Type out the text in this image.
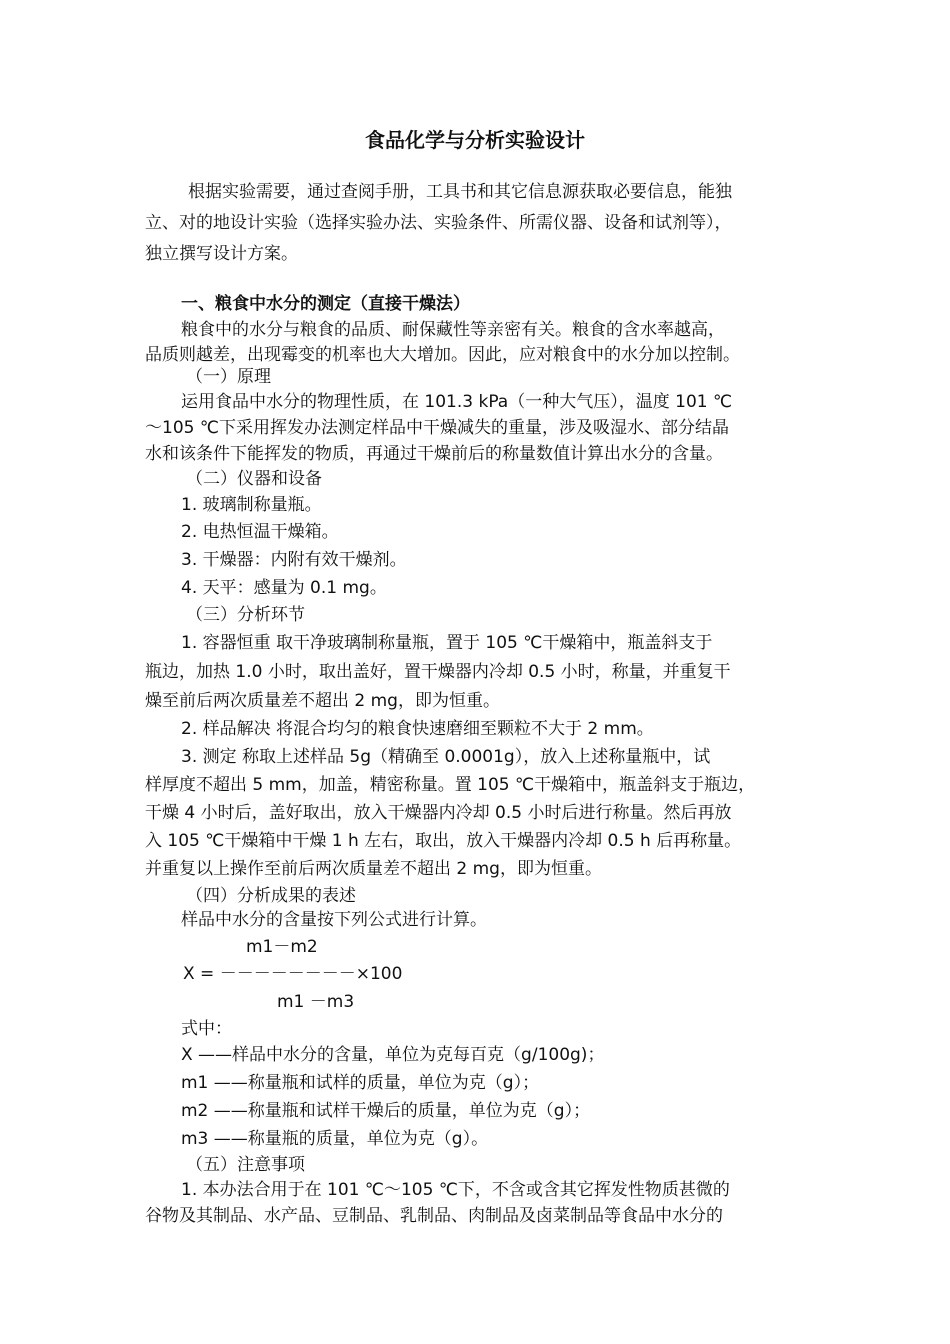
食品化学与分析实验设计
根据实验需要，通过查阅手册，工具书和其它信息源获取必要信息，能独
立、对的地设计实验（选择实验办法、实验条件、所需仪器、设备和试剂等），
独立撰写设计方案。
一、粮食中水分的测定（直接干燥法）
粮食中的水分与粮食的品质、耐保藏性等亲密有关。粮食的含水率越高，
品质则越差，出现霉变的机率也大大增加。因此，应对粮食中的水分加以控制。
（一）原理
运用食品中水分的物理性质，在 101.3 kPa（一种大气压），温度 101 ℃
～105 ℃下采用挥发办法测定样品中干燥减失的重量，涉及吸湿水、部分结晶
水和该条件下能挥发的物质，再通过干燥前后的称量数值计算出水分的含量。
（二）仪器和设备
1. 玻璃制称量瓶。
2. 电热恒温干燥箱。
3. 干燥器：内附有效干燥剂。
4. 天平：感量为 0.1 mg。
（三）分析环节
1. 容器恒重 取干净玻璃制称量瓶，置于 105 ℃干燥箱中，瓶盖斜支于
瓶边，加热 1.0 小时，取出盖好，置干燥器内冷却 0.5 小时，称量，并重复干
燥至前后两次质量差不超出 2 mg，即为恒重。
2. 样品解决 将混合均匀的粮食快速磨细至颗粒不大于 2 mm。
3. 测定 称取上述样品 5g（精确至 0.0001g），放入上述称量瓶中，试
样厚度不超出 5 mm，加盖，精密称量。置 105 ℃干燥箱中，瓶盖斜支于瓶边，
干燥 4 小时后，盖好取出，放入干燥器内冷却 0.5 小时后进行称量。然后再放
入 105 ℃干燥箱中干燥 1 h 左右，取出，放入干燥器内冷却 0.5 h 后再称量。
并重复以上操作至前后两次质量差不超出 2 mg，即为恒重。
（四）分析成果的表述
样品中水分的含量按下列公式进行计算。
m1－m2
X = －－－－－－－－×100
m1 －m3
式中：
X ——样品中水分的含量，单位为克每百克（g/100g)；
m1 ——称量瓶和试样的质量，单位为克（g）；
m2 ——称量瓶和试样干燥后的质量，单位为克（g）；
m3 ——称量瓶的质量，单位为克（g）。
（五）注意事项
1. 本办法合用于在 101 ℃～105 ℃下，不含或含其它挥发性物质甚微的
谷物及其制品、水产品、豆制品、乳制品、肉制品及卤菜制品等食品中水分的
